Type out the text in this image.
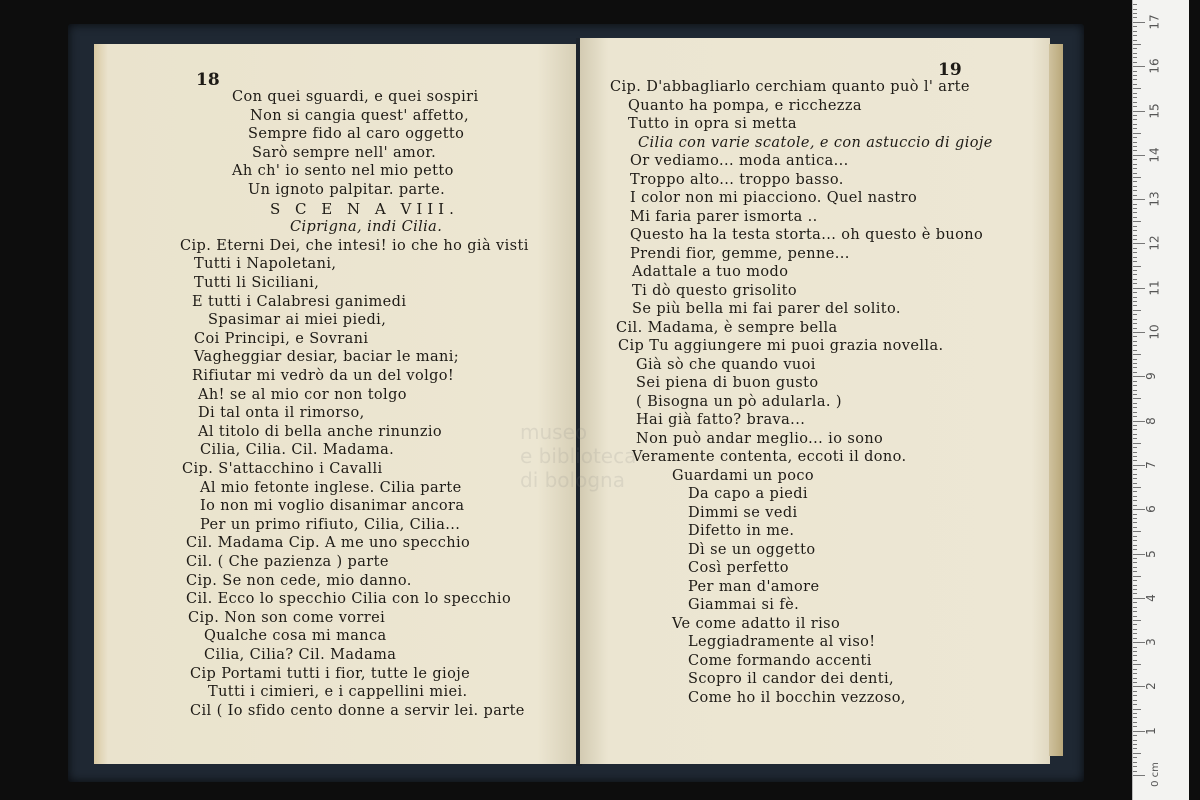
18
Con quei sguardi, e quei sospiri
Non si cangia quest' affetto,
Sempre fido al caro oggetto
Sarò sempre nell' amor.
Ah ch' io sento nel mio petto
Un ignoto palpitar. parte.
S C E N A VIII.
Ciprigna, indi Cilia.
Cip. Eterni Dei, che intesi! io che ho già visti
Tutti i Napoletani,
Tutti li Siciliani,
E tutti i Calabresi ganimedi
Spasimar ai miei piedi,
Coi Principi, e Sovrani
Vagheggiar desiar, baciar le mani;
Rifiutar mi vedrò da un del volgo!
Ah! se al mio cor non tolgo
Di tal onta il rimorso,
Al titolo di bella anche rinunzio
Cilia, Cilia. Cil. Madama.
Cip. S'attacchino i Cavalli
Al mio fetonte inglese. Cilia parte
Io non mi voglio disanimar ancora
Per un primo rifiuto, Cilia, Cilia...
Cil. Madama Cip. A me uno specchio
Cil. ( Che pazienza ) parte
Cip. Se non cede, mio danno.
Cil. Ecco lo specchio Cilia con lo specchio
Cip. Non son come vorrei
Qualche cosa mi manca
Cilia, Cilia? Cil. Madama
Cip Portami tutti i fior, tutte le gioje
Tutti i cimieri, e i cappellini miei.
Cil ( Io sfido cento donne a servir lei. parte
19
Cip. D'abbagliarlo cerchiam quanto può l' arte
Quanto ha pompa, e ricchezza
Tutto in opra si metta
Cilia con varie scatole, e con astuccio di gioje
Or vediamo... moda antica...
Troppo alto... troppo basso.
I color non mi piacciono. Quel nastro
Mi faria parer ismorta ..
Questo ha la testa storta... oh questo è buono
Prendi fior, gemme, penne...
Adattale a tuo modo
Ti dò questo grisolito
Se più bella mi fai parer del solito.
Cil. Madama, è sempre bella
Cip Tu aggiungere mi puoi grazia novella.
Già sò che quando vuoi
Sei piena di buon gusto
( Bisogna un pò adularla. )
Hai già fatto? brava...
Non può andar meglio... io sono
Veramente contenta, eccoti il dono.
Guardami un poco
Da capo a piedi
Dimmi se vedi
Difetto in me.
Dì se un oggetto
Così perfetto
Per man d'amore
Giammai si fè.
Ve come adatto il riso
Leggiadramente al viso!
Come formando accenti
Scopro il candor dei denti,
Come ho il bocchin vezzoso,
museo
e biblioteca
di bologna
0 cm
1
2
3
4
5
6
7
8
9
10
11
12
13
14
15
16
17
